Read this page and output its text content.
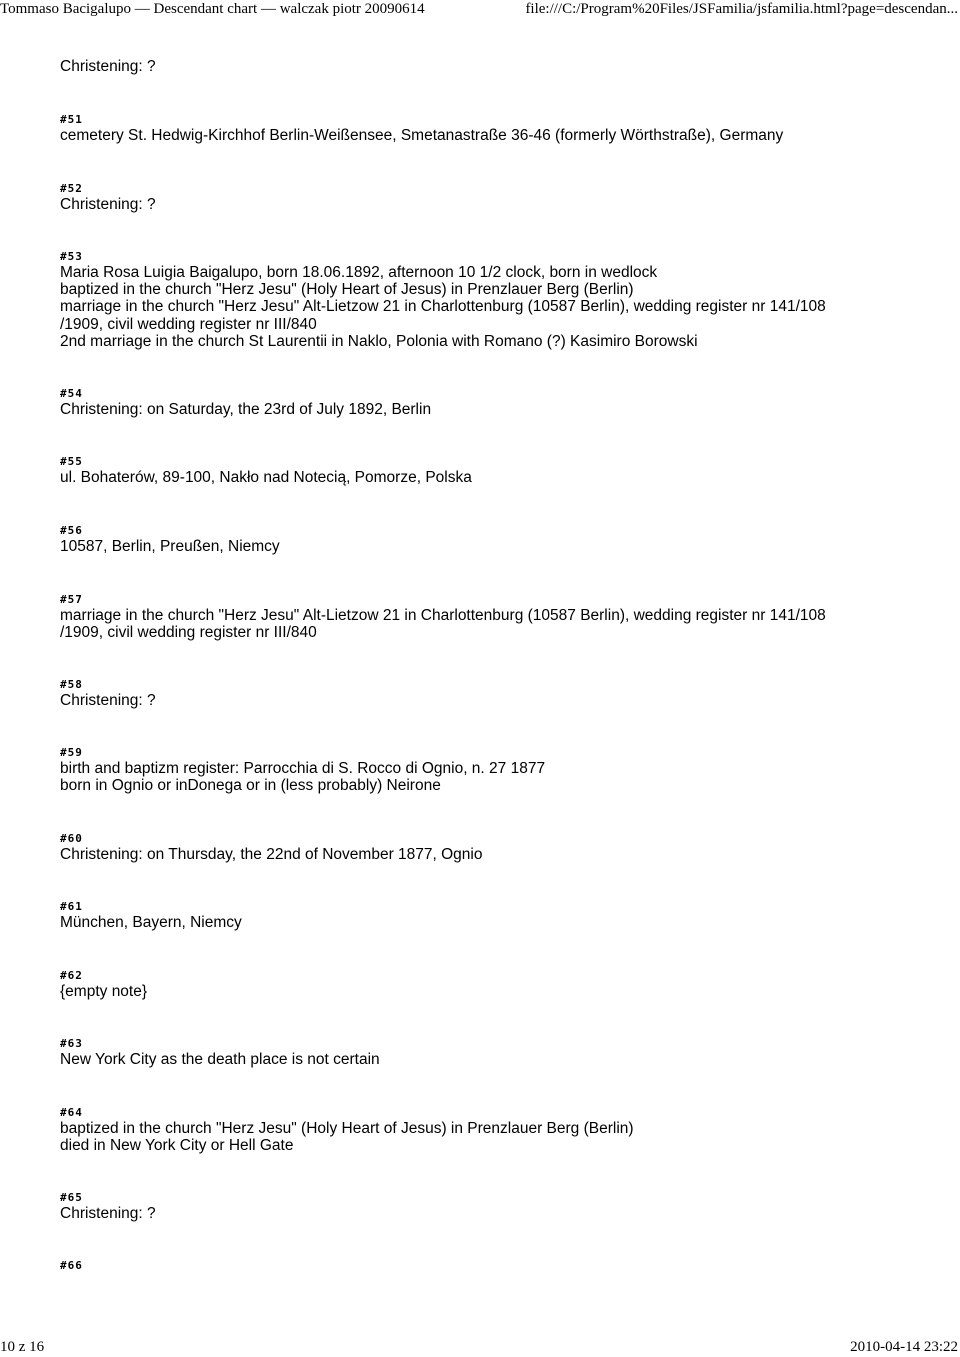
Tommaso Bacigalupo — Descendant chart — walczak piotr 20090614	file:///C:/Program%20Files/JSFamilia/jsfamilia.html?page=descendan...
Christening: ?
#51
cemetery St. Hedwig-Kirchhof Berlin-Weißensee, Smetanastraße 36-46 (formerly Wörthstraße), Germany
#52
Christening: ?
#53
Maria Rosa Luigia Baigalupo, born 18.06.1892, afternoon 10 1/2 clock, born in wedlock
baptized in the church "Herz Jesu" (Holy Heart of Jesus) in Prenzlauer Berg (Berlin)
marriage in the church "Herz Jesu" Alt-Lietzow 21 in Charlottenburg (10587 Berlin), wedding register nr 141/108
/1909, civil wedding register nr III/840
2nd marriage in the church St Laurentii in Naklo, Polonia with Romano (?) Kasimiro Borowski
#54
Christening: on Saturday, the 23rd of July 1892, Berlin
#55
ul. Bohaterów, 89-100, Nakło nad Notecią, Pomorze, Polska
#56
10587, Berlin, Preußen, Niemcy
#57
marriage in the church "Herz Jesu" Alt-Lietzow 21 in Charlottenburg (10587 Berlin), wedding register nr 141/108
/1909, civil wedding register nr III/840
#58
Christening: ?
#59
birth and baptizm register: Parrocchia di S. Rocco di Ognio, n. 27 1877
born in Ognio or inDonega or in (less probably) Neirone
#60
Christening: on Thursday, the 22nd of November 1877, Ognio
#61
München, Bayern, Niemcy
#62
{empty note}
#63
New York City as the death place is not certain
#64
baptized in the church "Herz Jesu" (Holy Heart of Jesus) in Prenzlauer Berg (Berlin)
died in New York City or Hell Gate
#65
Christening: ?
#66
10 z 16	2010-04-14 23:22
